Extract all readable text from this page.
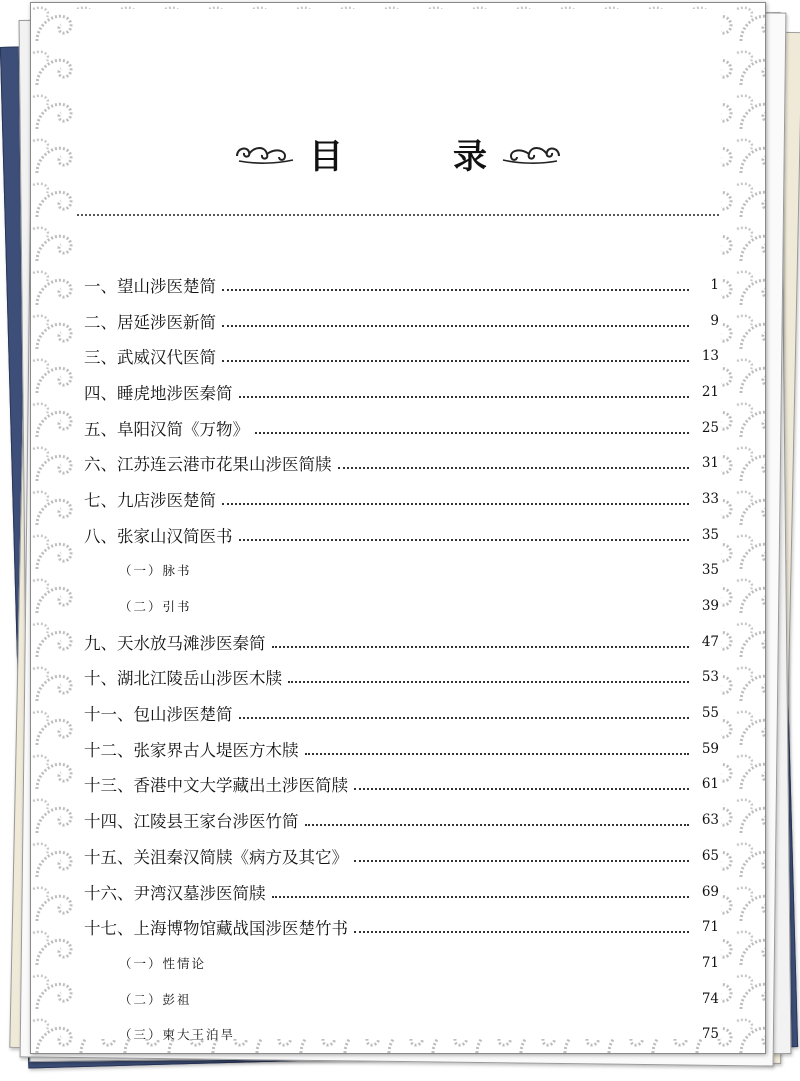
目　录
一、望山涉医楚简	1
二、居延涉医新简	9
三、武威汉代医简	13
四、睡虎地涉医秦简	21
五、阜阳汉简《万物》	25
六、江苏连云港市花果山涉医简牍	31
七、九店涉医楚简	33
八、张家山汉简医书	35
（一）脉书	35
（二）引书	39
九、天水放马滩涉医秦简	47
十、湖北江陵岳山涉医木牍	53
十一、包山涉医楚简	55
十二、张家界古人堤医方木牍	59
十三、香港中文大学藏出土涉医简牍	61
十四、江陵县王家台涉医竹简	63
十五、关沮秦汉简牍《病方及其它》	65
十六、尹湾汉墓涉医简牍	69
十七、上海博物馆藏战国涉医楚竹书	71
（一）性情论	71
（二）彭祖	74
（三）柬大王泊旱	75
